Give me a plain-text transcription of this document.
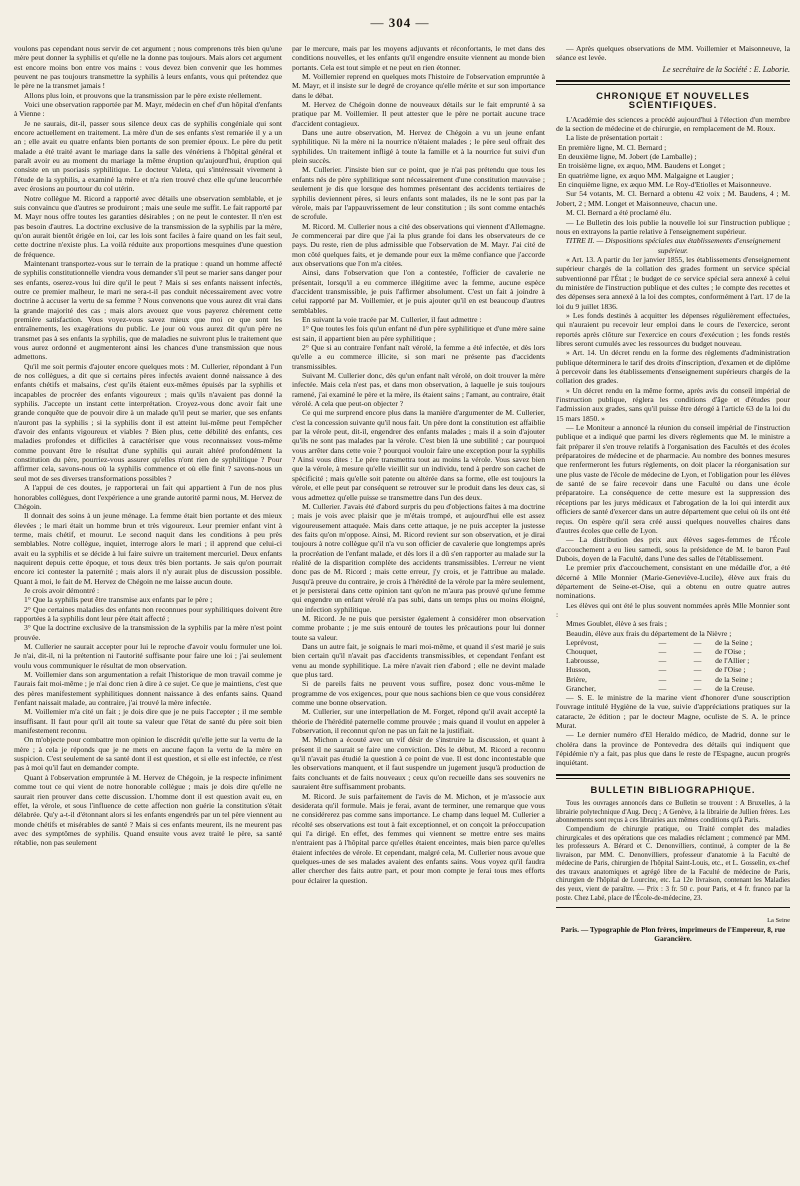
— 304 —

voulons pas cependant nous servir de cet argument ; nous comprenons très bien qu'une mère peut donner la syphilis et qu'elle ne la donne pas toujours. Mais alors cet argument est encore moins bon entre vos mains : vous devez bien convenir que les hommes peuvent ne pas toujours transmettre la syphilis à leurs enfants, vous qui prétendez que le père ne la transmet jamais !

Allons plus loin, et prouvons que la transmission par le père existe réellement.

Voici une observation rapportée par M. Mayr, médecin en chef d'un hôpital d'enfants à Vienne :

Je ne saurais, dit-il, passer sous silence deux cas de syphilis congéniale qui sont encore actuellement en traitement. La mère d'un de ses enfants s'est remariée il y a un an ; elle avait eu quatre enfants bien portants de son premier époux. Le père du petit malade a été traité avant le mariage dans la salle des vénériens à l'hôpital général et paraît avoir eu au moment du mariage la même éruption qu'aujourd'hui, éruption qui consiste en un psoriasis syphilitique. Le docteur Valeta, qui s'intéressait vivement à l'étude de la syphilis, a examiné la mère et n'a rien trouvé chez elle qu'une leucorrhée avec érosions au pourtour du col utérin.

Notre collègue M. Ricord a rapporté avec détails une observation semblable, et je suis convaincu que d'autres se produiront ; mais une seule me suffit. Le fait rapporté par M. Mayr nous offre toutes les garanties désirables ; on ne peut le contester. Il n'en est pas besoin d'autres. La doctrine exclusive de la transmission de la syphilis par la mère, qu'on aurait bientôt érigée en loi, car les lois sont faciles à faire quand on les fait seul, cette doctrine n'existe plus. La voilà réduite aux proportions mesquines d'une question de fréquence.

Maintenant transportez-vous sur le terrain de la pratique : quand un homme affecté de syphilis constitutionnelle viendra vous demander s'il peut se marier sans danger pour ses enfants, oserez-vous lui dire qu'il le peut ? Mais si ses enfants naissent infectés, outre ce premier malheur, le mari ne sera-t-il pas conduit nécessairement avec votre doctrine à accuser la vertu de sa femme ? Nous convenons que vous aurez dit vrai dans la grande majorité des cas ; mais alors avouez que vous payerez chèrement cette première satisfaction. Vous voyez-vous savez mieux que moi ce que sont les entraînements, les exagérations du public. Le jour où vous aurez dit qu'un père ne transmet pas à ses enfants la syphilis, que de maladies ne suivront plus le traitement que vous aurez ordonné et augmenteront ainsi les chances d'une transmission que nous admettons.

Qu'il me soit permis d'ajouter encore quelques mots : M. Cullerier, répondant à l'un de nos collègues, a dit que si certains pères infectés avaient donné naissance à des enfants chétifs et malsains, c'est qu'ils étaient eux-mêmes épuisés par la syphilis et incapables de procréer des enfants vigoureux ; mais qu'ils n'avaient pas donné la syphilis. J'accepte un instant cette interprétation. Croyez-vous donc avoir fait une grande conquête que de pouvoir dire à un malade qu'il peut se marier, que ses enfants n'auront pas la syphilis ; si la syphilis dont il est atteint lui-même peut l'empêcher d'avoir des enfants vigoureux et viables ? Bien plus, cette débilité des enfants, ces maladies profondes et difficiles à caractériser que vous reconnaissez vous-même comme pouvant être le résultat d'une syphilis qui aurait altéré profondément la constitution du père, pourriez-vous assurer qu'elles n'ont rien de syphilitique ? Pour affirmer cela, savons-nous où la syphilis commence et où elle finit ? savons-nous un seul mot de ses diverses transformations possibles ?

A l'appui de ces doutes, je rapporterai un fait qui appartient à l'un de nos plus honorables collègues, dont l'expérience a une grande autorité parmi nous, M. Hervez de Chégoin.

Il donnait des soins à un jeune ménage. La femme était bien portante et des mieux élevées ; le mari était un homme brun et très vigoureux. Leur premier enfant vint à terme, mais chétif, et mourut. Le second naquit dans les conditions à peu près semblables. Notre collègue, inquiet, interroge alors le mari ; il apprend que celui-ci avait eu la syphilis et se décide à lui faire suivre un traitement mercuriel. Deux enfants naquirent depuis cette époque, et tous deux très bien portants. Je sais qu'on pourrait encore ici contester la paternité ; mais alors il n'y aurait plus de discussion possible. Quant à moi, le fait de M. Hervez de Chégoin ne me laisse aucun doute.

Je crois avoir démontré :

1° Que la syphilis peut être transmise aux enfants par le père ;

2° Que certaines maladies des enfants non reconnues pour syphilitiques doivent être rapportées à la syphilis dont leur père était affecté ;

3° Que la doctrine exclusive de la transmission de la syphilis par la mère n'est point prouvée.

M. Cullerier ne saurait accepter pour lui le reproche d'avoir voulu formuler une loi. Je n'ai, dit-il, ni la prétention ni l'autorité suffisante pour faire une loi ; j'ai seulement voulu vous communiquer le résultat de mon observation.

M. Voillemier dans son argumentation a refait l'historique de mon travail comme je l'aurais fait moi-même ; je n'ai donc rien à dire à ce sujet. Ce que je maintiens, c'est que des pères manifestement syphilitiques donnent naissance à des enfants sains. Quand l'enfant naissait malade, au contraire, j'ai trouvé la mère infectée.

M. Voillemier m'a cité un fait ; je dois dire que je ne puis l'accepter ; il me semble insuffisant. Il faut pour qu'il ait toute sa valeur que l'état de santé du père soit bien manifestement reconnu.

On m'objecte pour combattre mon opinion le discrédit qu'elle jette sur la vertu de la mère ; à cela je réponds que je ne mets en aucune façon la vertu de la mère en suspicion. C'est seulement de sa santé dont il est question, et si elle est infectée, ce n'est pas à moi qu'il faut en demander compte.

Quant à l'observation empruntée à M. Hervez de Chégoin, je la respecte infiniment comme tout ce qui vient de notre honorable collègue ; mais je dois dire qu'elle ne saurait rien prouver dans cette discussion. L'homme dont il est question avait eu, en effet, la vérole, et sous l'influence de cette affection non guérie la constitution s'était délabrée. Qu'y a-t-il d'étonnant alors si les enfants engendrés par un tel père viennent au monde chétifs et misérables de santé ? Mais si ces enfants meurent, ils ne meurent pas avec des symptômes de syphilis. Quand ensuite vous avez traité le père, sa santé rétablie, non pas seulement

par le mercure, mais par les moyens adjuvants et réconfortants, le met dans des conditions nouvelles, et les enfants qu'il engendre ensuite viennent au monde bien portants. Cela est tout simple et ne peut en rien étonner.

M. Voillemier reprend en quelques mots l'histoire de l'observation empruntée à M. Mayr, et il insiste sur le degré de croyance qu'elle mérite et sur son importance dans le débat.

M. Hervez de Chégoin donne de nouveaux détails sur le fait emprunté à sa pratique par M. Voillemier. Il peut attester que le père ne portait aucune trace d'accident contagieux.

Dans une autre observation, M. Hervez de Chégoin a vu un jeune enfant syphilitique. Ni la mère ni la nourrice n'étaient malades ; le père seul offrait des syphilides. Un traitement infligé à toute la famille et à la nourrice fut suivi d'un plein succès.

M. Cullerier. J'insiste bien sur ce point, que je n'ai pas prétendu que tous les enfants nés de père syphilitique sont nécessairement d'une constitution mauvaise ; seulement je dis que lorsque des hommes présentant des accidents tertiaires de syphilis deviennent pères, si leurs enfants sont malades, ils ne le sont pas par la vérole, mais par l'appauvrissement de leur constitution ; ils sont comme entachés de scrofule.

M. Ricord. M. Cullerier nous a cité des observations qui viennent d'Allemagne. Je commencerai par dire que j'ai la plus grande foi dans les observateurs de ce pays. Du reste, rien de plus admissible que l'observation de M. Mayr. J'ai cité de mon côté quelques faits, et je demande pour eux la même confiance que j'accorde aux observations que l'on m'a citées.

Ainsi, dans l'observation que l'on a contestée, l'officier de cavalerie ne présentait, lorsqu'il a eu commerce illégitime avec la femme, aucune espèce d'accident transmissible, je puis l'affirmer absolument. C'est un fait à joindre à celui rapporté par M. Voillemier, et je puis ajouter qu'il en est beaucoup d'autres semblables.

En suivant la voie tracée par M. Cullerier, il faut admettre :

1° Que toutes les fois qu'un enfant né d'un père syphilitique et d'une mère saine est sain, il appartient bien au père syphilitique ;

2° Que si au contraire l'enfant naît vérolé, la femme a été infectée, et dès lors qu'elle a eu commerce illicite, si son mari ne présente pas d'accidents transmissibles.

Suivant M. Cullerier donc, dès qu'un enfant naît vérolé, on doit trouver la mère infectée. Mais cela n'est pas, et dans mon observation, à laquelle je suis toujours ramené, j'ai examiné le père et la mère, ils étaient sains ; l'amant, au contraire, était vérolé. A cela que peut-on objecter ?

Ce qui me surprend encore plus dans la manière d'argumenter de M. Cullerier, c'est la concession suivante qu'il nous fait. Un père dont la constitution est affaiblie par la vérole peut, dit-il, engendrer des enfants malades ; mais il a soin d'ajouter qu'ils ne sont pas malades par la vérole. C'est bien là une subtilité ; car pourquoi vous arrêter dans cette voie ? pourquoi vouloir faire une exception pour la syphilis ? Ainsi vous dites : Le père transmettra tout au moins la vérole. Vous savez bien que la vérole, à mesure qu'elle vieillit sur un individu, tend à perdre son cachet de spécificité ; mais qu'elle soit patente ou altérée dans sa forme, elle est toujours la vérole, et elle peut par conséquent se retrouver sur le produit dans les deux cas, si vous admettez qu'elle puisse se transmettre dans l'un des deux.

M. Cullerier. J'avais été d'abord surpris du peu d'objections faites à ma doctrine ; mais je vois avec plaisir que je m'étais trompé, et aujourd'hui elle est assez vigoureusement attaquée. Mais dans cette attaque, je ne puis accepter la justesse des faits qu'on m'oppose. Ainsi, M. Ricord revient sur son observation, et je dirai toujours à notre collègue qu'il n'a vu son officier de cavalerie que longtemps après la procréation de l'enfant malade, et dès lors il a dû s'en rapporter au malade sur la réalité de la disparition complète des accidents transmissibles. L'erreur ne vient donc pas de M. Ricord ; mais cette erreur, j'y crois, et je l'attribue au malade. Jusqu'à preuve du contraire, je crois à l'hérédité de la vérole par la mère seulement, et je persisterai dans cette opinion tant qu'on ne m'aura pas prouvé qu'une femme qui engendre un enfant vérolé n'a pas subi, dans un temps plus ou moins éloigné, une infection syphilitique.

M. Ricord. Je ne puis que persister également à considérer mon observation comme probante ; je me suis entouré de toutes les précautions pour lui donner toute sa valeur.

Dans un autre fait, je soignais le mari moi-même, et quand il s'est marié je suis bien certain qu'il n'avait pas d'accidents transmissibles, et cependant l'enfant est venu au monde syphilitique. La mère n'avait rien d'abord ; elle ne devint malade que plus tard.

Si de pareils faits ne peuvent vous suffire, posez donc vous-même le programme de vos exigences, pour que nous sachions bien ce que vous considérez comme une bonne observation.

M. Cullerier, sur une interpellation de M. Forget, répond qu'il avait accepté la théorie de l'hérédité paternelle comme prouvée ; mais quand il voulut en appeler à l'observation, il reconnut qu'on ne pas un fait ne la justifiait.

M. Michon a écouté avec un vif désir de s'instruire la discussion, et quant à présent il ne saurait se faire une conviction. Dès le début, M. Ricord a reconnu qu'il n'avait pas étudié la question à ce point de vue. Il est donc incontestable que les observations manquent, et il faut suspendre un jugement jusqu'à production de faits concluants et de faits nouveaux ; ceux qu'on recueille dans ses souvenirs ne sauraient être suffisamment probants.

M. Ricord. Je suis parfaitement de l'avis de M. Michon, et je m'associe aux desiderata qu'il formule. Mais je ferai, avant de terminer, une remarque que vous ne considérerez pas comme sans importance. Le champ dans lequel M. Cullerier a récolté ses observations est tout à fait exceptionnel, et on conçoit la préoccupation qui l'a dirigé. En effet, des femmes qui viennent se mettre entre ses mains n'entraient pas à l'hôpital parce qu'elles étaient enceintes, mais bien parce qu'elles étaient infectées de vérole. Et cependant, malgré cela, M. Cullerier nous avoue que quelques-unes de ses malades avaient des enfants sains. Vous voyez qu'il faudra aller chercher des faits autre part, et pour mon compte je ferai tous mes efforts pour éclairer la question.

— Après quelques observations de MM. Voillemier et Maisonneuve, la séance est levée.

Le secrétaire de la Société : E. Laborie.
CHRONIQUE ET NOUVELLES SCIENTIFIQUES.

L'Académie des sciences a procédé aujourd'hui à l'élection d'un membre de la section de médecine et de chirurgie, en remplacement de M. Roux.

La liste de présentation portait :

En première ligne, M. Cl. Bernard ;
En deuxième ligne, M. Jobert (de Lamballe) ;
En troisième ligne, ex æquo, MM. Baudens et Longet ;
En quatrième ligne, ex æquo MM. Malgaigne et Laugier ;
En cinquième ligne, ex æquo MM. Le Roy-d'Etiolles et Maisonneuve.

Sur 54 votants, M. Cl. Bernard a obtenu 42 voix ; M. Baudens, 4 ; M. Jobert, 2 ; MM. Longet et Maisonneuve, chacun une.

M. Cl. Bernard a été proclamé élu.

— Le Bulletin des lois publie la nouvelle loi sur l'instruction publique ; nous en extrayons la partie relative à l'enseignement supérieur.

TITRE II. — Dispositions spéciales aux établissements d'enseignement supérieur.

« Art. 13. A partir du 1er janvier 1855, les établissements d'enseignement supérieur chargés de la collation des grades forment un service spécial subventionné par l'État ; le budget de ce service spécial sera annexé à celui du ministère de l'instruction publique et des cultes ; le compte des recettes et des dépenses sera annexé à la loi des comptes, conformément à l'art. 17 de la loi du 9 juillet 1836.

» Les fonds destinés à acquitter les dépenses régulièrement effectuées, qui n'auraient pu recevoir leur emploi dans le cours de l'exercice, seront reportés après clôture sur l'exercice en cours d'exécution ; les fonds restés libres seront cumulés avec les ressources du budget nouveau.

» Art. 14. Un décret rendu en la forme des règlements d'administration publique déterminera le tarif des droits d'inscription, d'examen et de diplôme à percevoir dans les établissements d'enseignement supérieurs chargés de la collation des grades.

» Un décret rendu en la même forme, après avis du conseil impérial de l'instruction publique, réglera les conditions d'âge et d'études pour l'admission aux grades, sans qu'il puisse être dérogé à l'article 63 de la loi du 15 mars 1850. »

— Le Moniteur a annoncé la réunion du conseil impérial de l'instruction publique et a indiqué que parmi les divers règlements que M. le ministre a fait préparer il s'en trouve relatifs à l'organisation des Facultés et des écoles préparatoires de médecine et de pharmacie. Au nombre des bonnes mesures que renfermeront les futurs règlements, on doit placer la réorganisation sur une plus vaste de l'école de médecine de Lyon, et l'obligation pour les élèves de santé de se faire recevoir dans une Faculté ou dans une école préparatoire. La conséquence de cette mesure est la suppression des réceptions par les jurys médicaux et l'abrogation de la loi qui interdit aux officiers de santé d'exercer dans un autre département que celui où ils ont été reçus. On espère qu'il sera créé aussi quelques nouvelles chaires dans d'autres écoles que celle de Lyon.

— La distribution des prix aux élèves sages-femmes de l'École d'accouchement a eu lieu samedi, sous la présidence de M. le baron Paul Dubois, doyen de la Faculté, dans l'une des salles de l'établissement.

Le premier prix d'accouchement, consistant en une médaille d'or, a été décerné à Mlle Monnier (Marie-Geneviève-Lucile), élève aux frais du département de Seine-et-Oise, qui a obtenu en outre quatre autres nominations.

Les élèves qui ont été le plus souvent nommées après Mlle Monnier sont :

Mmes Goublet, élève à ses frais ;

Beaudin, élève aux frais du département de la Nièvre ;			
Leprévost,	—	—	de la Seine ;
Chouquet,	—	—	de l'Oise ;
Labrousse,	—	—	de l'Allier ;
Husson,	—	—	de l'Oise ;
Brière,	—	—	de la Seine ;
Grancher,	—	—	de la Creuse.

— S. E. le ministre de la marine vient d'honorer d'une souscription l'ouvrage intitulé Hygiène de la vue, suivie d'appréciations pratiques sur la cataracte, 2e édition ; par le docteur Magne, oculiste de S. A. le prince Murat.

— Le dernier numéro d'El Heraldo médico, de Madrid, donne sur le choléra dans la province de Pontevedra des détails qui indiquent que l'épidémie n'y a fait, pas plus que dans le reste de l'Espagne, aucun progrès inquiétant.

BULLETIN BIBLIOGRAPHIQUE.

Tous les ouvrages annoncés dans ce Bulletin se trouvent : A Bruxelles, à la librairie polytechnique d'Aug. Decq ; A Genève, à la librairie de Jullien frères. Les abonnements sont reçus à ces librairies aux mêmes conditions qu'à Paris.

Compendium de chirurgie pratique, ou Traité complet des maladies chirurgicales et des opérations que ces maladies réclament ; commencé par MM. les professeurs A. Bérard et C. Denonvilliers, continué, à compter de la 8e livraison, par MM. C. Denonvilliers, professeur d'anatomie à la Faculté de médecine de Paris, chirurgien de l'hôpital Saint-Louis, etc., et L. Gosselin, ex-chef des travaux anatomiques et agrégé libre de la Faculté de médecine de Paris, chirurgien de l'hôpital de Lourcine, etc. La 12e livraison, contenant les Maladies des yeux, vient de paraître. — Prix : 3 fr. 50 c. pour Paris, et 4 fr. franco par la poste. Chez Labé, place de l'École-de-médecine, 23.

La Seine
Paris. — Typographie de Plon frères, imprimeurs de l'Empereur, 8, rue Garancière.
